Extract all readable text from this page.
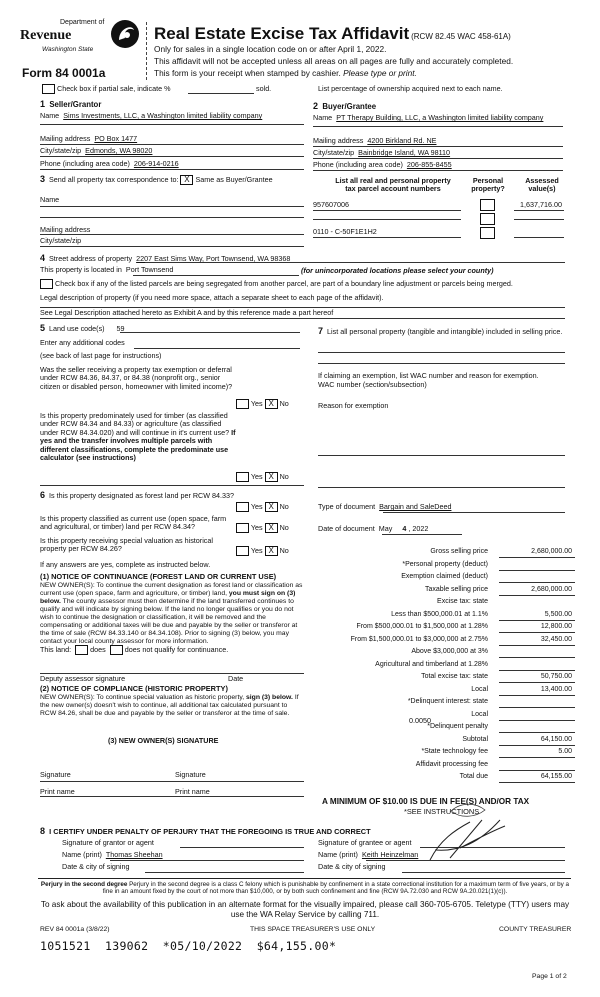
Department of
Revenue
Washington State
Form 84 0001a
Real Estate Excise Tax Affidavit (RCW 82.45 WAC 458-61A)
Only for sales in a single location code on or after April 1, 2022.
This affidavit will not be accepted unless all areas on all pages are fully and accurately completed.
This form is your receipt when stamped by cashier. Please type or print.
Check box if partial sale, indicate %	sold.	List percentage of ownership acquired next to each name.
1 Seller/Grantor
Name Sims Investments, LLC, a Washington limited liability company
Mailing address PO Box 1477
City/state/zip Edmonds, WA 98020
Phone (including area code) 206-914-0216
2 Buyer/Grantee
Name PT Therapy Building, LLC, a Washington limited liability company
Mailing address 4200 Birkland Rd. NE
City/state/zip Bainbridge Island, WA 98110
Phone (including area code) 206-855-8455
3 Send all property tax correspondence to: X Same as Buyer/Grantee
Name
Mailing address
City/state/zip
List all real and personal property
tax parcel account numbers
Personal
property?
Assessed
value(s)
957607006	1,637,716.00
0110 - C-50F1E1H2
4 Street address of property 2207 East Sims Way, Port Townsend, WA 98368
This property is located in Port Townsend	(for unincorporated locations please select your county)
Check box if any of the listed parcels are being segregated from another parcel, are part of a boundary line adjustment or parcels being merged.
Legal description of property (if you need more space, attach a separate sheet to each page of the affidavit).
See Legal Description attached hereto as Exhibit A and by this reference made a part hereof
5 Land use code(s) 59
Enter any additional codes
(see back of last page for instructions)
Was the seller receiving a property tax exemption or deferral under RCW 84.36, 84.37, or 84.38 (nonprofit org., senior citizen or disabled person, homeowner with limited income)?
Yes X No
Is this property predominately used for timber (as classified under RCW 84.34 and 84.33) or agriculture (as classified under RCW 84.34.020) and will continue in it's current use? If yes and the transfer involves multiple parcels with different classifications, complete the predominate use calculator (see instructions)
Yes X No
6 Is this property designated as forest land per RCW 84.33?
Yes X No
Is this property classified as current use (open space, farm and agricultural, or timber) land per RCW 84.34?	Yes X No
Is this property receiving special valuation as historical property per RCW 84.26?	Yes X No
If any answers are yes, complete as instructed below.
(1) NOTICE OF CONTINUANCE (FOREST LAND OR CURRENT USE)
NEW OWNER(S): To continue the current designation as forest land or classification as current use (open space, farm and agriculture, or timber) land, you must sign on (3) below. The county assessor must then determine if the land transferred continues to qualify and will indicate by signing below. If the land no longer qualifies or you do not wish to continue the designation or classification, it will be removed and the compensating or additional taxes will be due and payable by the seller or transferor at the time of sale (RCW 84.33.140 or 84.34.108). Prior to signing (3) below, you may contact your local county assessor for more information.
This land:	does	does not qualify for continuance.
Deputy assessor signature	Date
(2) NOTICE OF COMPLIANCE (HISTORIC PROPERTY)
NEW OWNER(S): To continue special valuation as historic property, sign (3) below. If the new owner(s) doesn't wish to continue, all additional tax calculated pursuant to RCW 84.26, shall be due and payable by the seller or transferor at the time of sale.
(3) NEW OWNER(S) SIGNATURE
Signature	Signature
Print name	Print name
7 List all personal property (tangible and intangible) included in selling price.
If claiming an exemption, list WAC number and reason for exemption.
WAC number (section/subsection)
Reason for exemption
Type of document Bargain and SaleDeed
Date of document May 4 , 2022
Gross selling price	2,680,000.00
*Personal property (deduct)
Exemption claimed (deduct)
Taxable selling price	2,680,000.00
Excise tax: state
Less than $500,000.01 at 1.1%	5,500.00
From $500,000.01 to $1,500,000 at 1.28%	12,800.00
From $1,500,000.01 to $3,000,000 at 2.75%	32,450.00
Above $3,000,000 at 3%
Agricultural and timberland at 1.28%
Total excise tax: state	50,750.00
Local	13,400.00
*Delinquent interest: state
Local
*Delinquent penalty
Subtotal	64,150.00
*State technology fee	5.00
Affidavit processing fee
Total due	64,155.00
0.0050
A MINIMUM OF $10.00 IS DUE IN FEE(S) AND/OR TAX
*SEE INSTRUCTIONS
8 I CERTIFY UNDER PENALTY OF PERJURY THAT THE FOREGOING IS TRUE AND CORRECT
Signature of grantor or agent
Name (print) Thomas Sheehan
Date & city of signing
Signature of grantee or agent
Name (print) Keith Heinzelman
Date & city of signing
Perjury in the second degree Perjury in the second degree is a class C felony which is punishable by confinement in a state correctional institution for a maximum term of five years, or by a fine in an amount fixed by the court of not more than $10,000, or by both such confinement and fine (RCW 9A.72.030 and RCW 9A.20.021(1)(c)).
To ask about the availability of this publication in an alternate format for the visually impaired, please call 360-705-6705. Teletype (TTY) users may use the WA Relay Service by calling 711.
REV 84 0001a (3/8/22)	THIS SPACE TREASURER'S USE ONLY	COUNTY TREASURER
1051521  139062  *05/10/2022  $64,155.00*
Page 1 of 2
